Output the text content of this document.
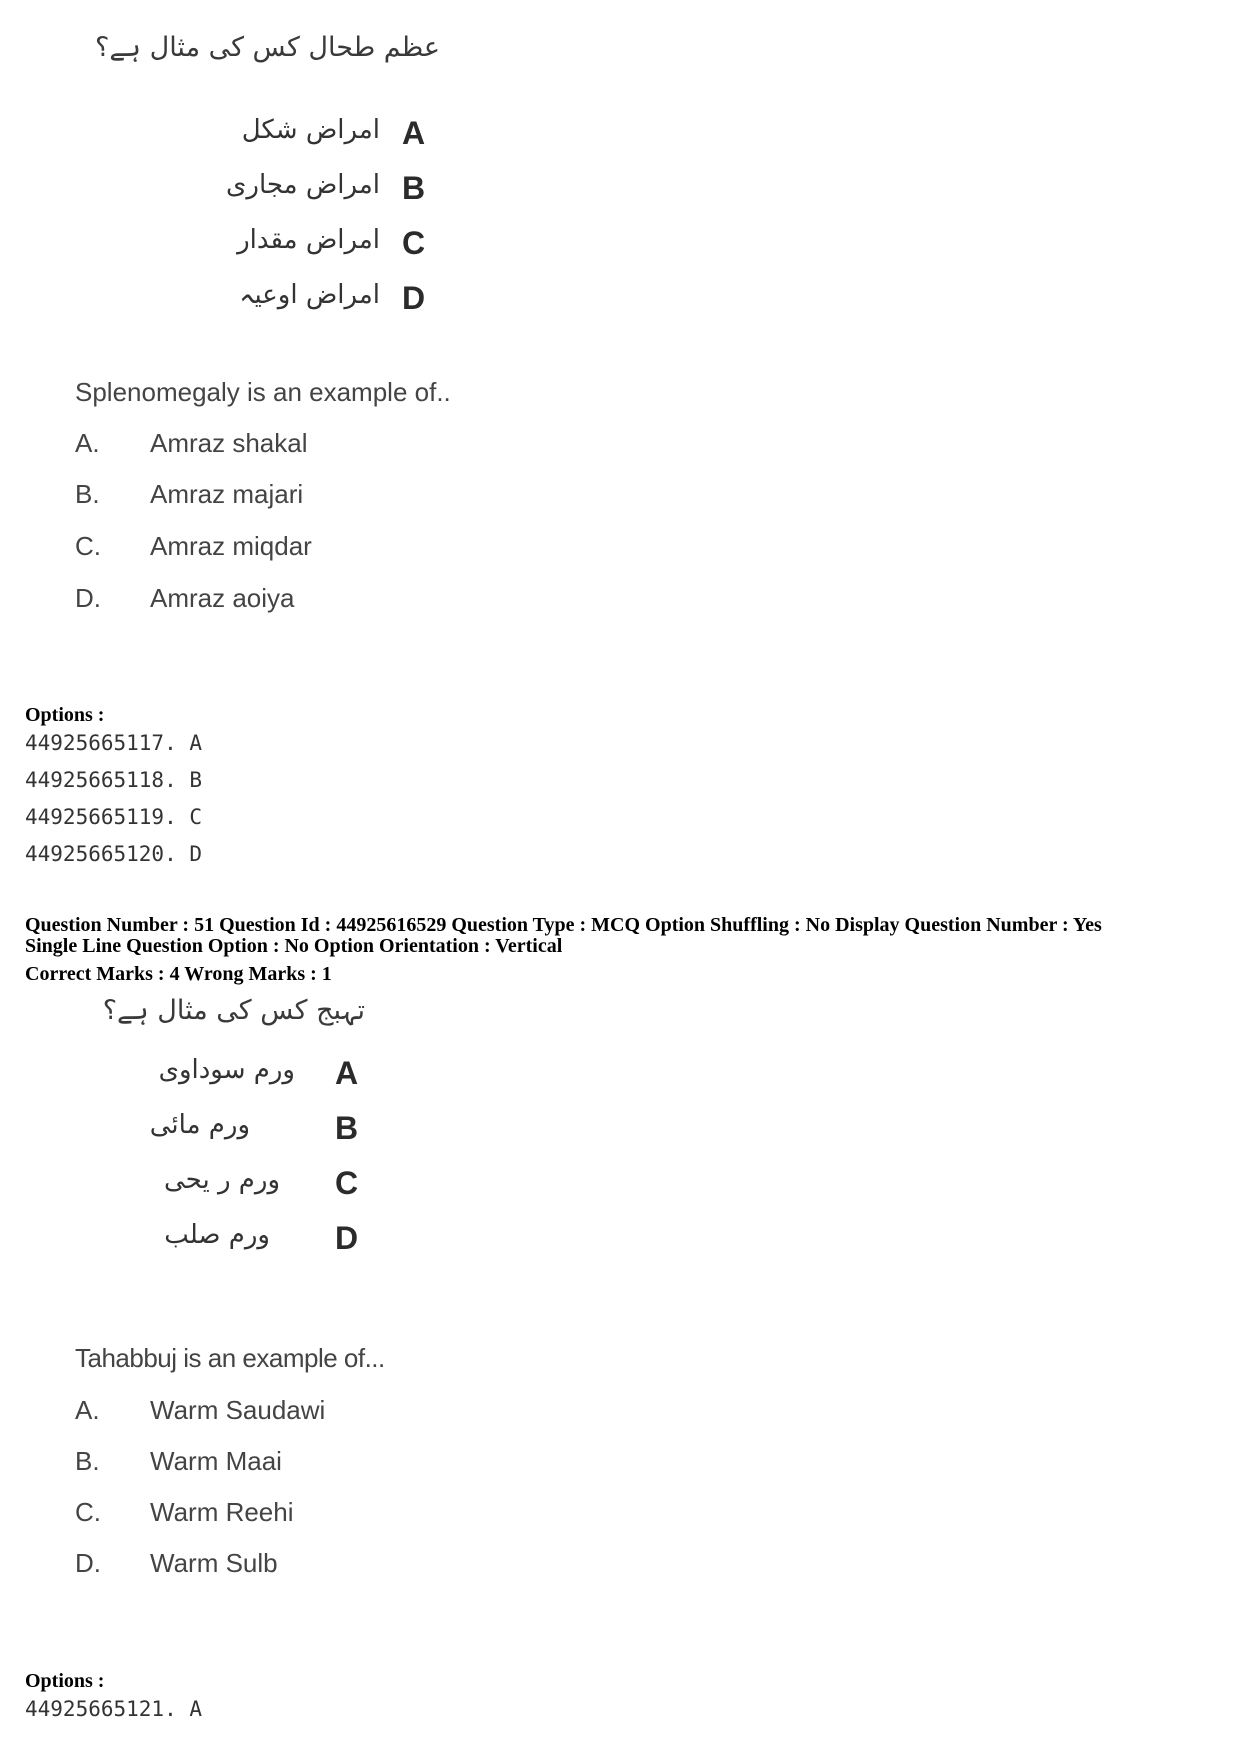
عظم طحال کس کی مثال ہے؟
امراض شکل A
امراض مجاری B
امراض مقدار C
امراض اوعیہ D
Splenomegaly is an example of..
A. Amraz shakal
B. Amraz majari
C. Amraz miqdar
D. Amraz aoiya
Options :
44925665117. A
44925665118. B
44925665119. C
44925665120. D
Question Number : 51 Question Id : 44925616529 Question Type : MCQ Option Shuffling : No Display Question Number : Yes
Single Line Question Option : No Option Orientation : Vertical
Correct Marks : 4 Wrong Marks : 1
تہبج کس کی مثال ہے؟
ورم سوداوی A
ورم مائی	B
ورم ر یحی C
ورم صلب D
Tahabbuj is an example of...
A. Warm Saudawi
B. Warm Maai
C. Warm Reehi
D. Warm Sulb
Options :
44925665121. A
